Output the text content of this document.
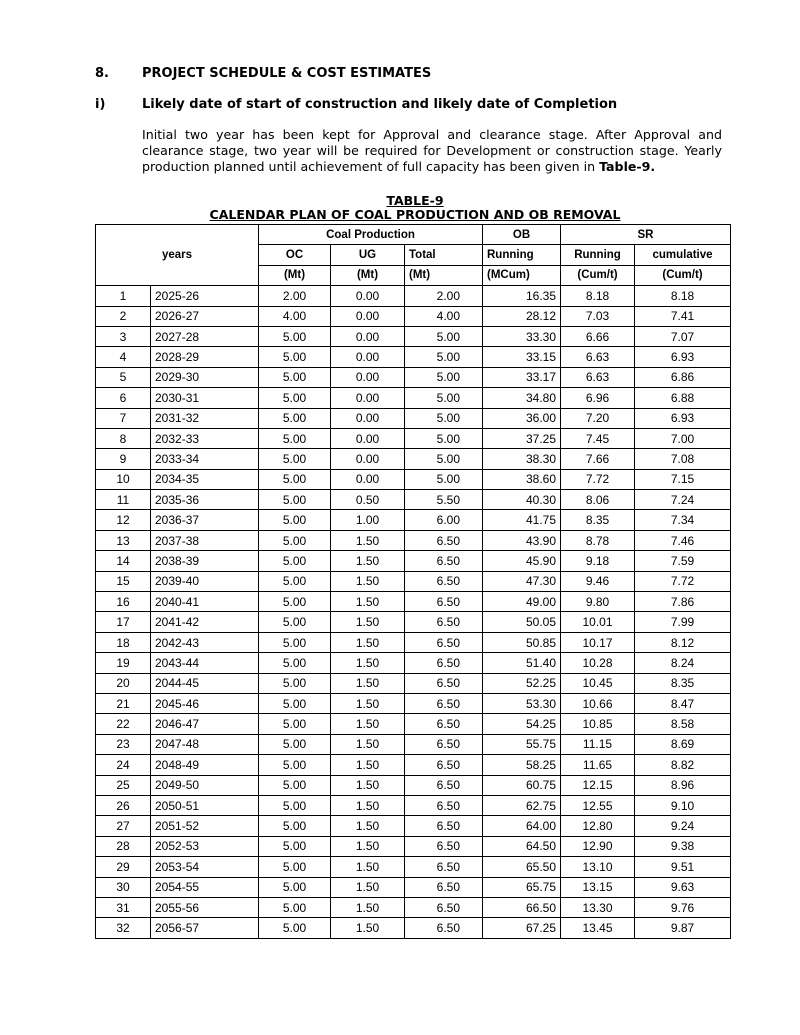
8.	PROJECT SCHEDULE & COST ESTIMATES
i)	Likely date of start of construction and likely date of Completion
Initial two year has been kept for Approval and clearance stage. After Approval and clearance stage, two year will be required for Development or construction stage. Yearly production planned until achievement of full capacity has been given in Table-9.
TABLE-9
CALENDAR PLAN OF COAL PRODUCTION AND OB REMOVAL
years		Coal Production			OB	SR	
		OC	UG	Total	Running	Running	cumulative
		(Mt)	(Mt)	(Mt)	(MCum)	(Cum/t)	(Cum/t)
1	2025-26	2.00	0.00	2.00	16.35	8.18	8.18
2	2026-27	4.00	0.00	4.00	28.12	7.03	7.41
3	2027-28	5.00	0.00	5.00	33.30	6.66	7.07
4	2028-29	5.00	0.00	5.00	33.15	6.63	6.93
5	2029-30	5.00	0.00	5.00	33.17	6.63	6.86
6	2030-31	5.00	0.00	5.00	34.80	6.96	6.88
7	2031-32	5.00	0.00	5.00	36.00	7.20	6.93
8	2032-33	5.00	0.00	5.00	37.25	7.45	7.00
9	2033-34	5.00	0.00	5.00	38.30	7.66	7.08
10	2034-35	5.00	0.00	5.00	38.60	7.72	7.15
11	2035-36	5.00	0.50	5.50	40.30	8.06	7.24
12	2036-37	5.00	1.00	6.00	41.75	8.35	7.34
13	2037-38	5.00	1.50	6.50	43.90	8.78	7.46
14	2038-39	5.00	1.50	6.50	45.90	9.18	7.59
15	2039-40	5.00	1.50	6.50	47.30	9.46	7.72
16	2040-41	5.00	1.50	6.50	49.00	9.80	7.86
17	2041-42	5.00	1.50	6.50	50.05	10.01	7.99
18	2042-43	5.00	1.50	6.50	50.85	10.17	8.12
19	2043-44	5.00	1.50	6.50	51.40	10.28	8.24
20	2044-45	5.00	1.50	6.50	52.25	10.45	8.35
21	2045-46	5.00	1.50	6.50	53.30	10.66	8.47
22	2046-47	5.00	1.50	6.50	54.25	10.85	8.58
23	2047-48	5.00	1.50	6.50	55.75	11.15	8.69
24	2048-49	5.00	1.50	6.50	58.25	11.65	8.82
25	2049-50	5.00	1.50	6.50	60.75	12.15	8.96
26	2050-51	5.00	1.50	6.50	62.75	12.55	9.10
27	2051-52	5.00	1.50	6.50	64.00	12.80	9.24
28	2052-53	5.00	1.50	6.50	64.50	12.90	9.38
29	2053-54	5.00	1.50	6.50	65.50	13.10	9.51
30	2054-55	5.00	1.50	6.50	65.75	13.15	9.63
31	2055-56	5.00	1.50	6.50	66.50	13.30	9.76
32	2056-57	5.00	1.50	6.50	67.25	13.45	9.87
